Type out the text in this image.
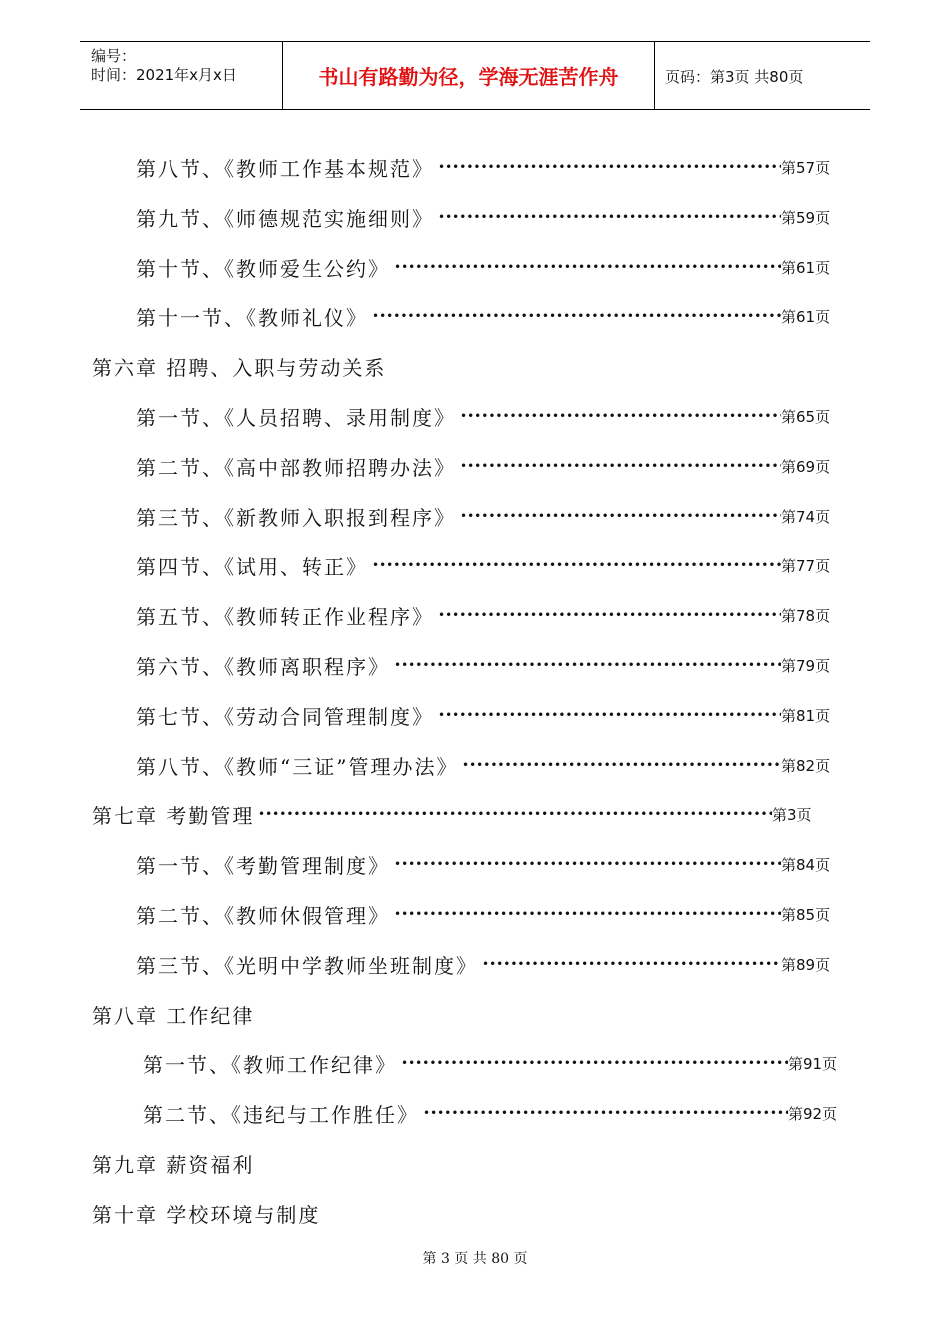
编号：
时间：2021年x月x日	书山有路勤为径，学海无涯苦作舟	页码：第3页 共80页
第八节、《教师工作基本规范》 •••••	第57页
第九节、《师德规范实施细则》 •••••	第59页
第十节、《教师爱生公约》 •••••	第61页
第十一节、《教师礼仪》 •••••	第61页
第六章 招聘、入职与劳动关系
第一节、《人员招聘、录用制度》 •••••	第65页
第二节、《高中部教师招聘办法》 •••••	第69页
第三节、《新教师入职报到程序》 •••••	第74页
第四节、《试用、转正》 •••••	第77页
第五节、《教师转正作业程序》 •••••	第78页
第六节、《教师离职程序》 •••••	第79页
第七节、《劳动合同管理制度》 •••••	第81页
第八节、《教师“三证”管理办法》 •••••	第82页
第七章 考勤管理 •••••	第3页
第一节、《考勤管理制度》 •••••	第84页
第二节、《教师休假管理》 •••••	第85页
第三节、《光明中学教师坐班制度》 •••••	第89页
第八章 工作纪律
第一节、《教师工作纪律》 •••••	第91页
第二节、《违纪与工作胜任》 •••••	第92页
第九章 薪资福利
第十章 学校环境与制度
第 3 页 共 80 页
